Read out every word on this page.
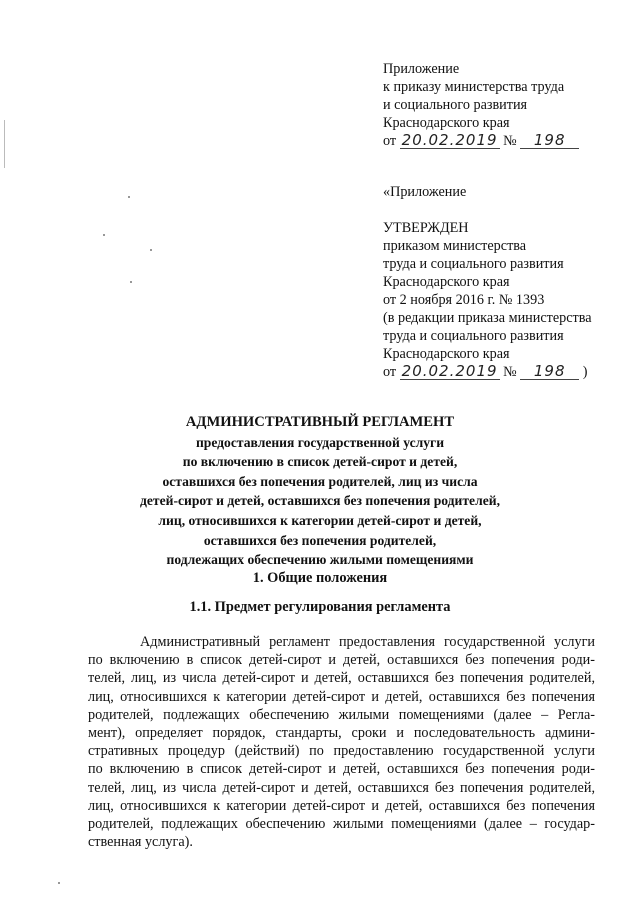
Приложение
к приказу министерства труда
и социального развития
Краснодарского края
от 20.02.2019 № 198
«Приложение
УТВЕРЖДЕН
приказом министерства
труда и социального развития
Краснодарского края
от 2 ноября 2016 г. № 1393
(в редакции приказа министерства
труда и социального развития
Краснодарского края
от 20.02.2019 № 198 )
АДМИНИСТРАТИВНЫЙ РЕГЛАМЕНТ
предоставления государственной услуги
по включению в список детей-сирот и детей,
оставшихся без попечения родителей, лиц из числа
детей-сирот и детей, оставшихся без попечения родителей,
лиц, относившихся к категории детей-сирот и детей,
оставшихся без попечения родителей,
подлежащих обеспечению жилыми помещениями
1. Общие положения
1.1. Предмет регулирования регламента
Административный регламент предоставления государственной услуги
по включению в список детей-сирот и детей, оставшихся без попечения роди-
телей, лиц, из числа детей-сирот и детей, оставшихся без попечения родителей,
лиц, относившихся к категории детей-сирот и детей, оставшихся без попечения
родителей, подлежащих обеспечению жилыми помещениями (далее – Регла-
мент), определяет порядок, стандарты, сроки и последовательность админи-
стративных процедур (действий) по предоставлению государственной услуги
по включению в список детей-сирот и детей, оставшихся без попечения роди-
телей, лиц, из числа детей-сирот и детей, оставшихся без попечения родителей,
лиц, относившихся к категории детей-сирот и детей, оставшихся без попечения
родителей, подлежащих обеспечению жилыми помещениями (далее – государ-
ственная услуга).
